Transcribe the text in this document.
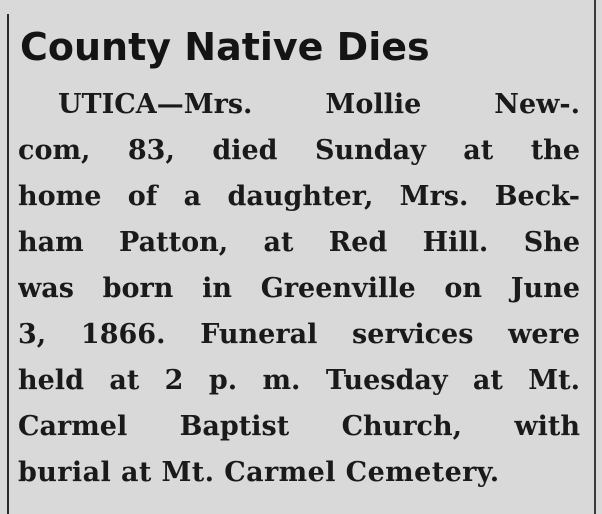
County Native Dies
UTICA—Mrs. Mollie New-.
com, 83, died Sunday at the
home of a daughter, Mrs. Beck-
ham Patton, at Red Hill. She
was born in Greenville on June
3, 1866. Funeral services were
held at 2 p. m. Tuesday at Mt.
Carmel Baptist Church, with
burial at Mt. Carmel Cemetery.
